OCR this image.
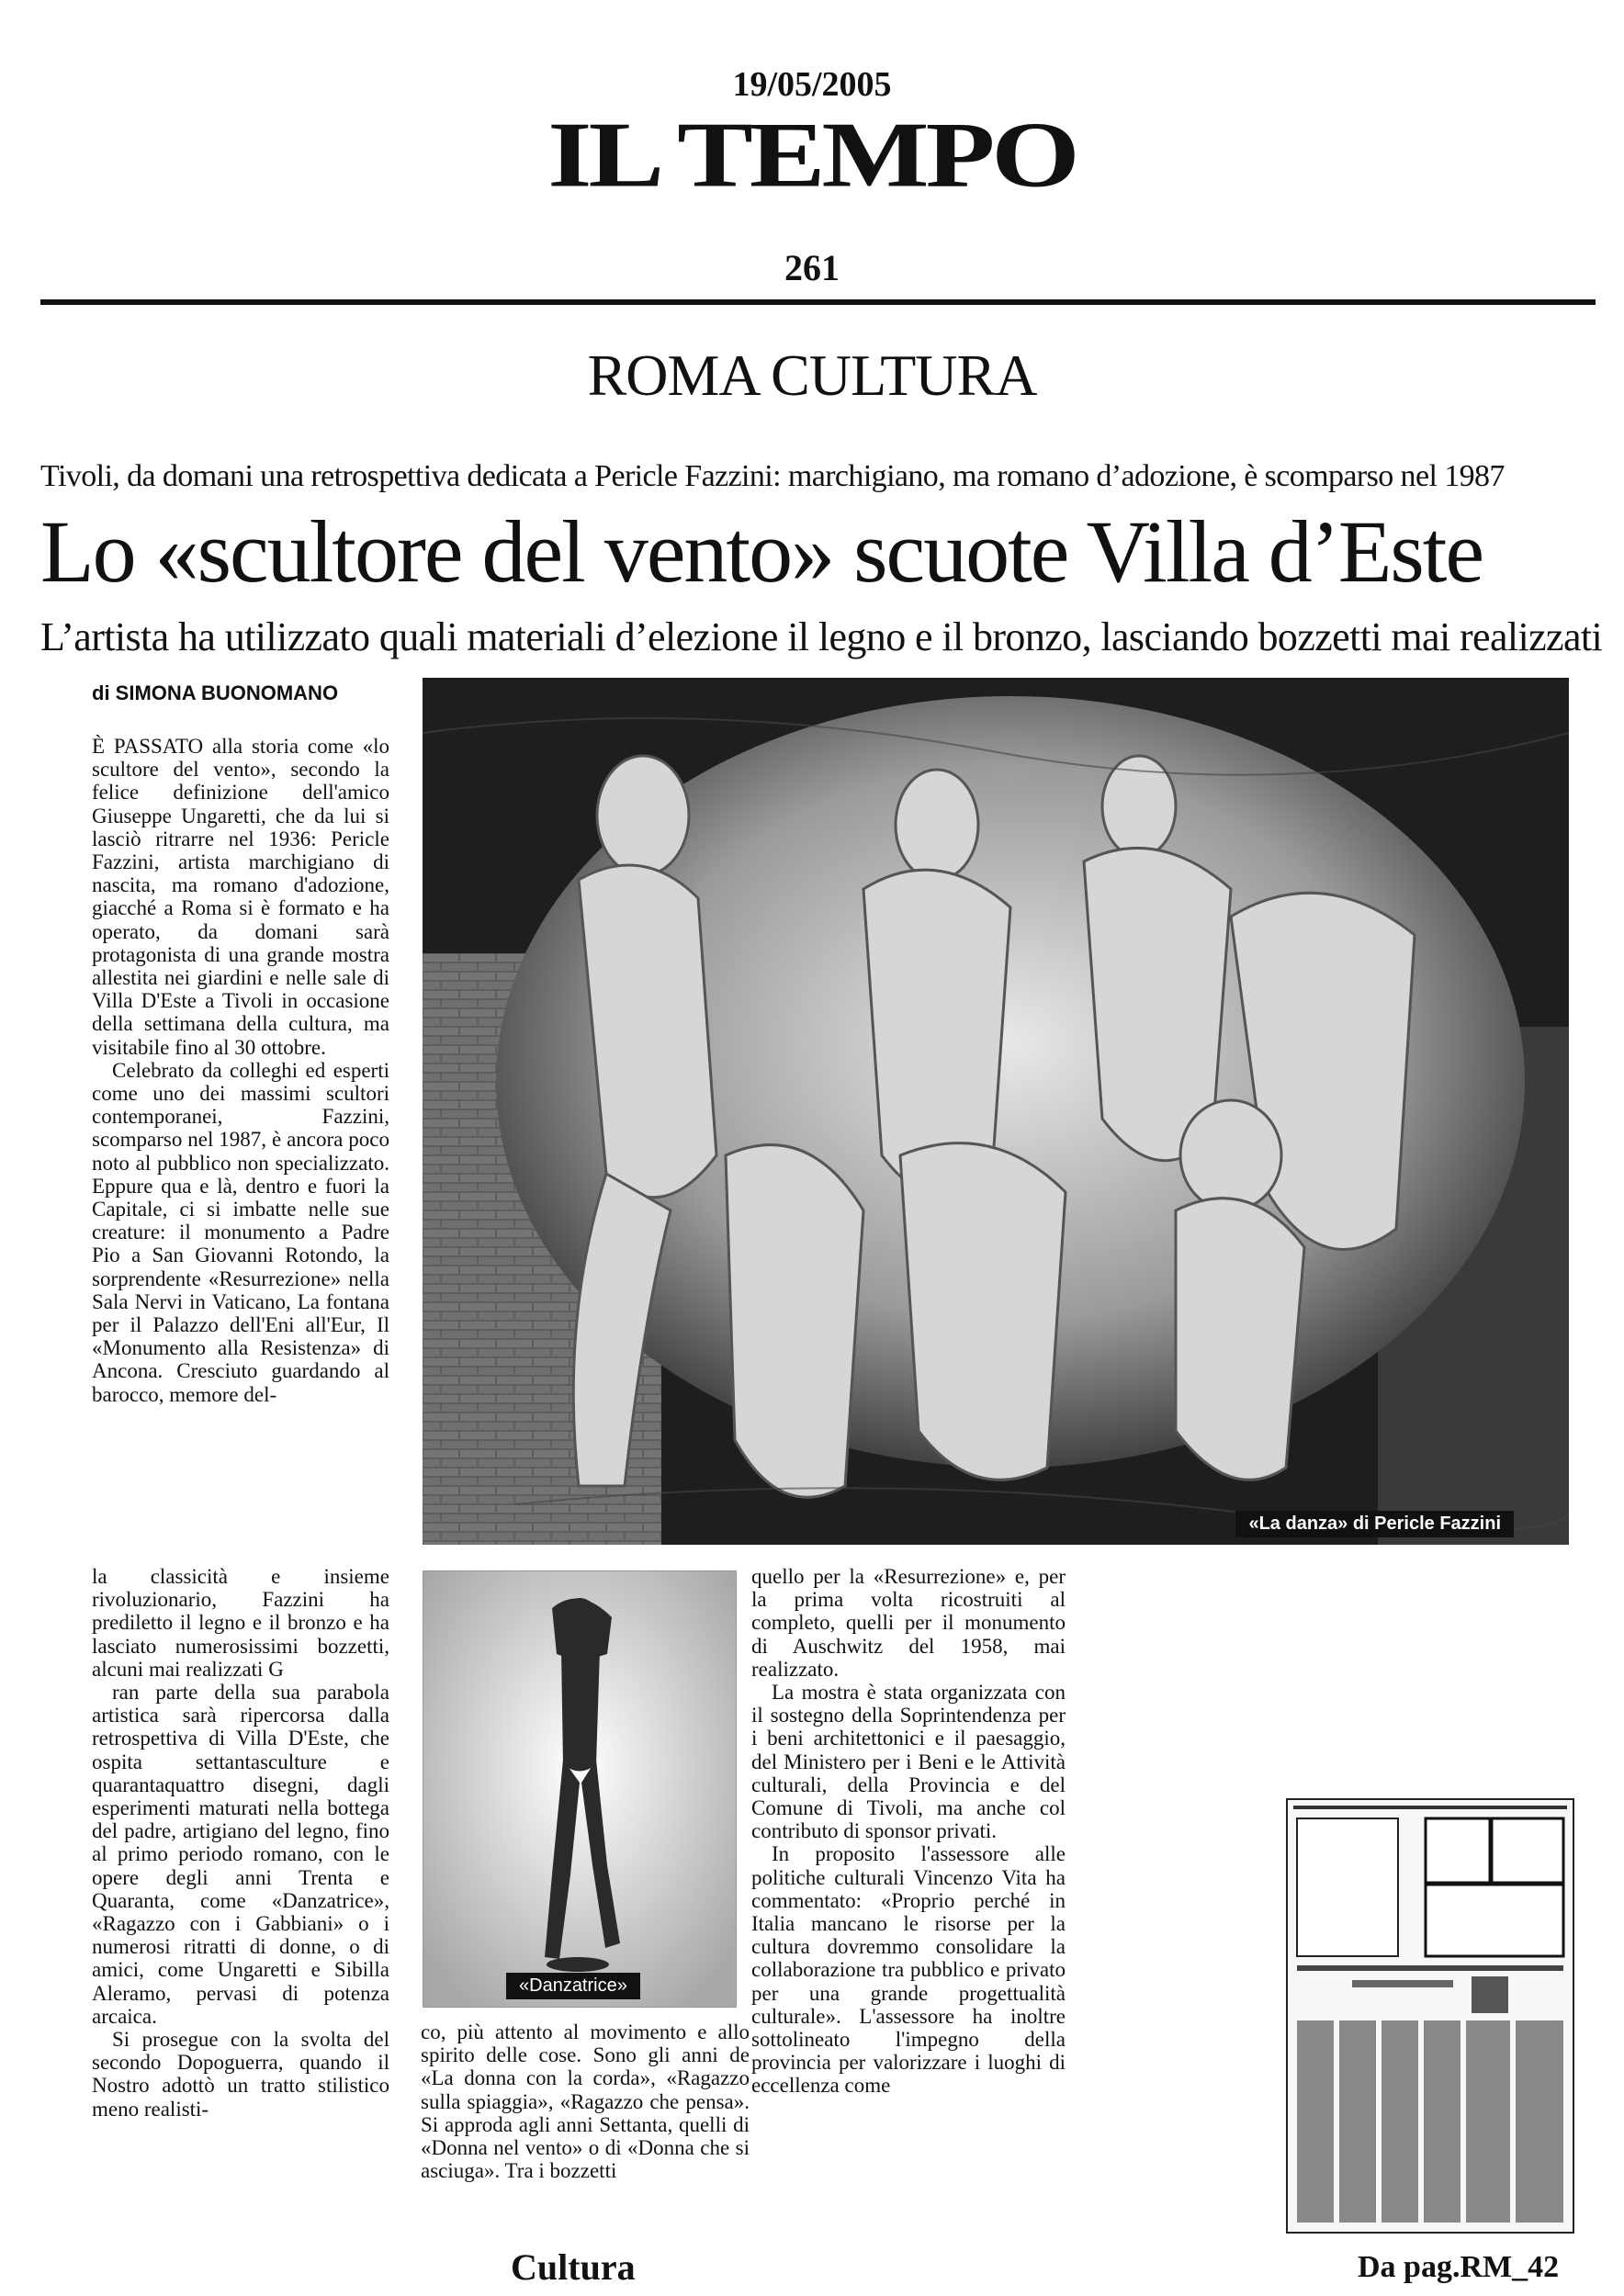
19/05/2005
IL TEMPO
261
ROMA CULTURA
Tivoli, da domani una retrospettiva dedicata a Pericle Fazzini: marchigiano, ma romano d’adozione, è scomparso nel 1987
Lo «scultore del vento» scuote Villa d’Este
L’artista ha utilizzato quali materiali d’elezione il legno e il bronzo, lasciando bozzetti mai realizzati
di SIMONA BUONOMANO

È PASSATO alla storia come «lo scultore del vento», secondo la felice definizione dell'amico Giuseppe Ungaretti, che da lui si lasciò ritrarre nel 1936: Pericle Fazzini, artista marchigiano di nascita, ma romano d'adozione, giacché a Roma si è formato e ha operato, da domani sarà protagonista di una grande mostra allestita nei giardini e nelle sale di Villa D'Este a Tivoli in occasione della settimana della cultura, ma visitabile fino al 30 ottobre.

Celebrato da colleghi ed esperti come uno dei massimi scultori contemporanei, Fazzini, scomparso nel 1987, è ancora poco noto al pubblico non specializzato. Eppure qua e là, dentro e fuori la Capitale, ci si imbatte nelle sue creature: il monumento a Padre Pio a San Giovanni Rotondo, la sorprendente «Resurrezione» nella Sala Nervi in Vaticano, La fontana per il Palazzo dell'Eni all'Eur, Il «Monumento alla Resistenza» di Ancona. Cresciuto guardando al barocco, memore del-

«La danza» di Pericle Fazzini

la classicità e insieme rivoluzionario, Fazzini ha prediletto il legno e il bronzo e ha lasciato numerosissimi bozzetti, alcuni mai realizzati G

ran parte della sua parabola artistica sarà ripercorsa dalla retrospettiva di Villa D'Este, che ospita settantasculture e quarantaquattro disegni, dagli esperimenti maturati nella bottega del padre, artigiano del legno, fino al primo periodo romano, con le opere degli anni Trenta e Quaranta, come «Danzatrice», «Ragazzo con i Gabbiani» o i numerosi ritratti di donne, o di amici, come Ungaretti e Sibilla Aleramo, pervasi di potenza arcaica.

Si prosegue con la svolta del secondo Dopoguerra, quando il Nostro adottò un tratto stilistico meno realisti-

«Danzatrice»

co, più attento al movimento e allo spirito delle cose. Sono gli anni de «La donna con la corda», «Ragazzo sulla spiaggia», «Ragazzo che pensa». Si approda agli anni Settanta, quelli di «Donna nel vento» o di «Donna che si asciuga». Tra i bozzetti

quello per la «Resurrezione» e, per la prima volta ricostruiti al completo, quelli per il monumento di Auschwitz del 1958, mai realizzato.

La mostra è stata organizzata con il sostegno della Soprintendenza per i beni architettonici e il paesaggio, del Ministero per i Beni e le Attività culturali, della Provincia e del Comune di Tivoli, ma anche col contributo di sponsor privati.

In proposito l'assessore alle politiche culturali Vincenzo Vita ha commentato: «Proprio perché in Italia mancano le risorse per la cultura dovremmo consolidare la collaborazione tra pubblico e privato per una grande progettualità culturale». L'assessore ha inoltre sottolineato l'impegno della provincia per valorizzare i luoghi di eccellenza come

Cultura	Da pag.RM_42
